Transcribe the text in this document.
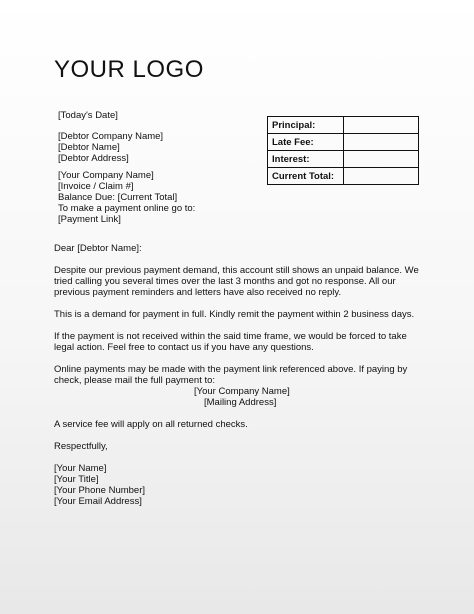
YOUR LOGO
[Today's Date]
[Debtor Company Name]
[Debtor Name]
[Debtor Address]
[Your Company Name]
[Invoice / Claim #]
Balance Due: [Current Total]
To make a payment online go to:
[Payment Link]
Principal:	
Late Fee:	
Interest:	
Current Total:	

Dear [Debtor Name]:

Despite our previous payment demand, this account still shows an unpaid balance. We tried calling you several times over the last 3 months and got no response. All our previous payment reminders and letters have also received no reply.

This is a demand for payment in full. Kindly remit the payment within 2 business days.

If the payment is not received within the said time frame, we would be forced to take legal action. Feel free to contact us if you have any questions.

Online payments may be made with the payment link referenced above. If paying by check, please mail the full payment to:

[Your Company Name]
[Mailing Address]

A service fee will apply on all returned checks.

Respectfully,

[Your Name]
[Your Title]
[Your Phone Number]
[Your Email Address]
